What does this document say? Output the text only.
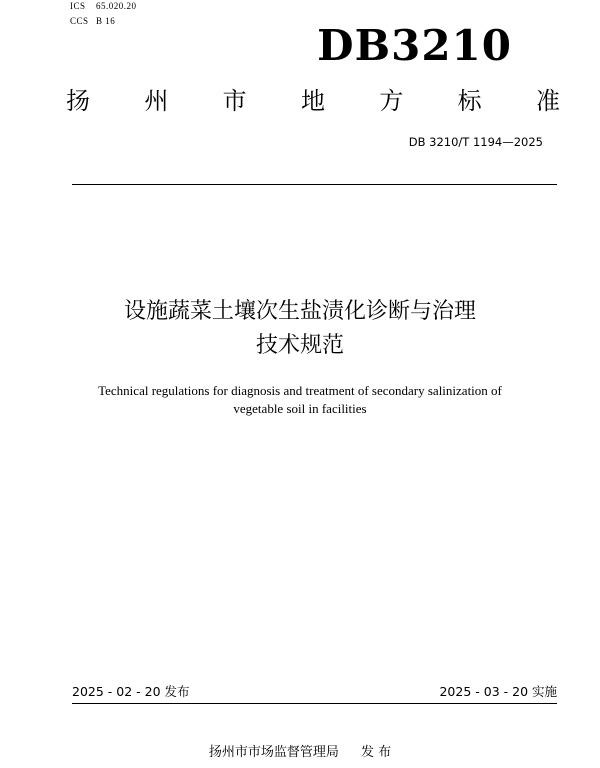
ICS 65.020.20
CCS B 16	DB3210
扬 州 市 地 方 标 准
DB 3210/T 1194—2025
设施蔬菜土壤次生盐渍化诊断与治理
技术规范
Technical regulations for diagnosis and treatment of secondary salinization of
vegetable soil in facilities
2025 - 02 - 20 发布	2025 - 03 - 20 实施
扬州市市场监督管理局 发 布
